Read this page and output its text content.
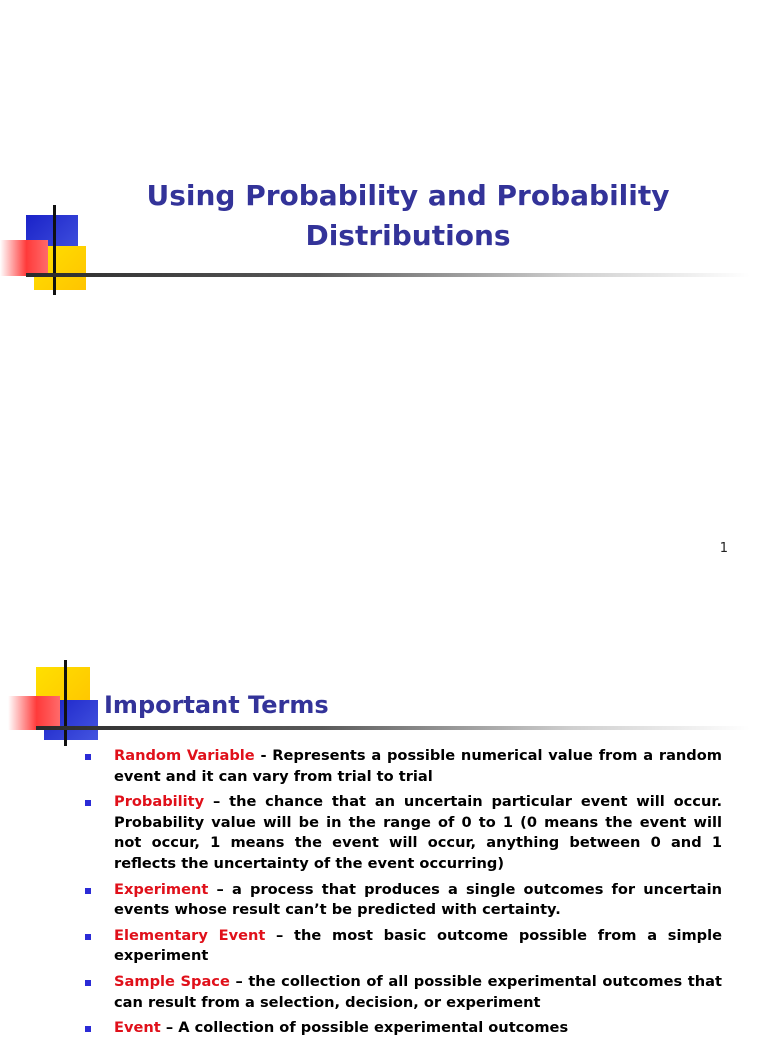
Using Probability and Probability
Distributions
1
Important Terms
Random Variable - Represents a possible numerical value from a random event and it can vary from trial to trial
Probability – the chance that an uncertain particular event will occur. Probability value will be in the range of 0 to 1 (0 means the event will not occur, 1 means the event will occur, anything between 0 and 1 reflects the uncertainty of the event occurring)
Experiment – a process that produces a single outcomes for uncertain events whose result can’t be predicted with certainty.
Elementary Event – the most basic outcome possible from a simple experiment
Sample Space – the collection of all possible experimental outcomes that can result from a selection, decision, or experiment
Event – A collection of possible experimental outcomes
